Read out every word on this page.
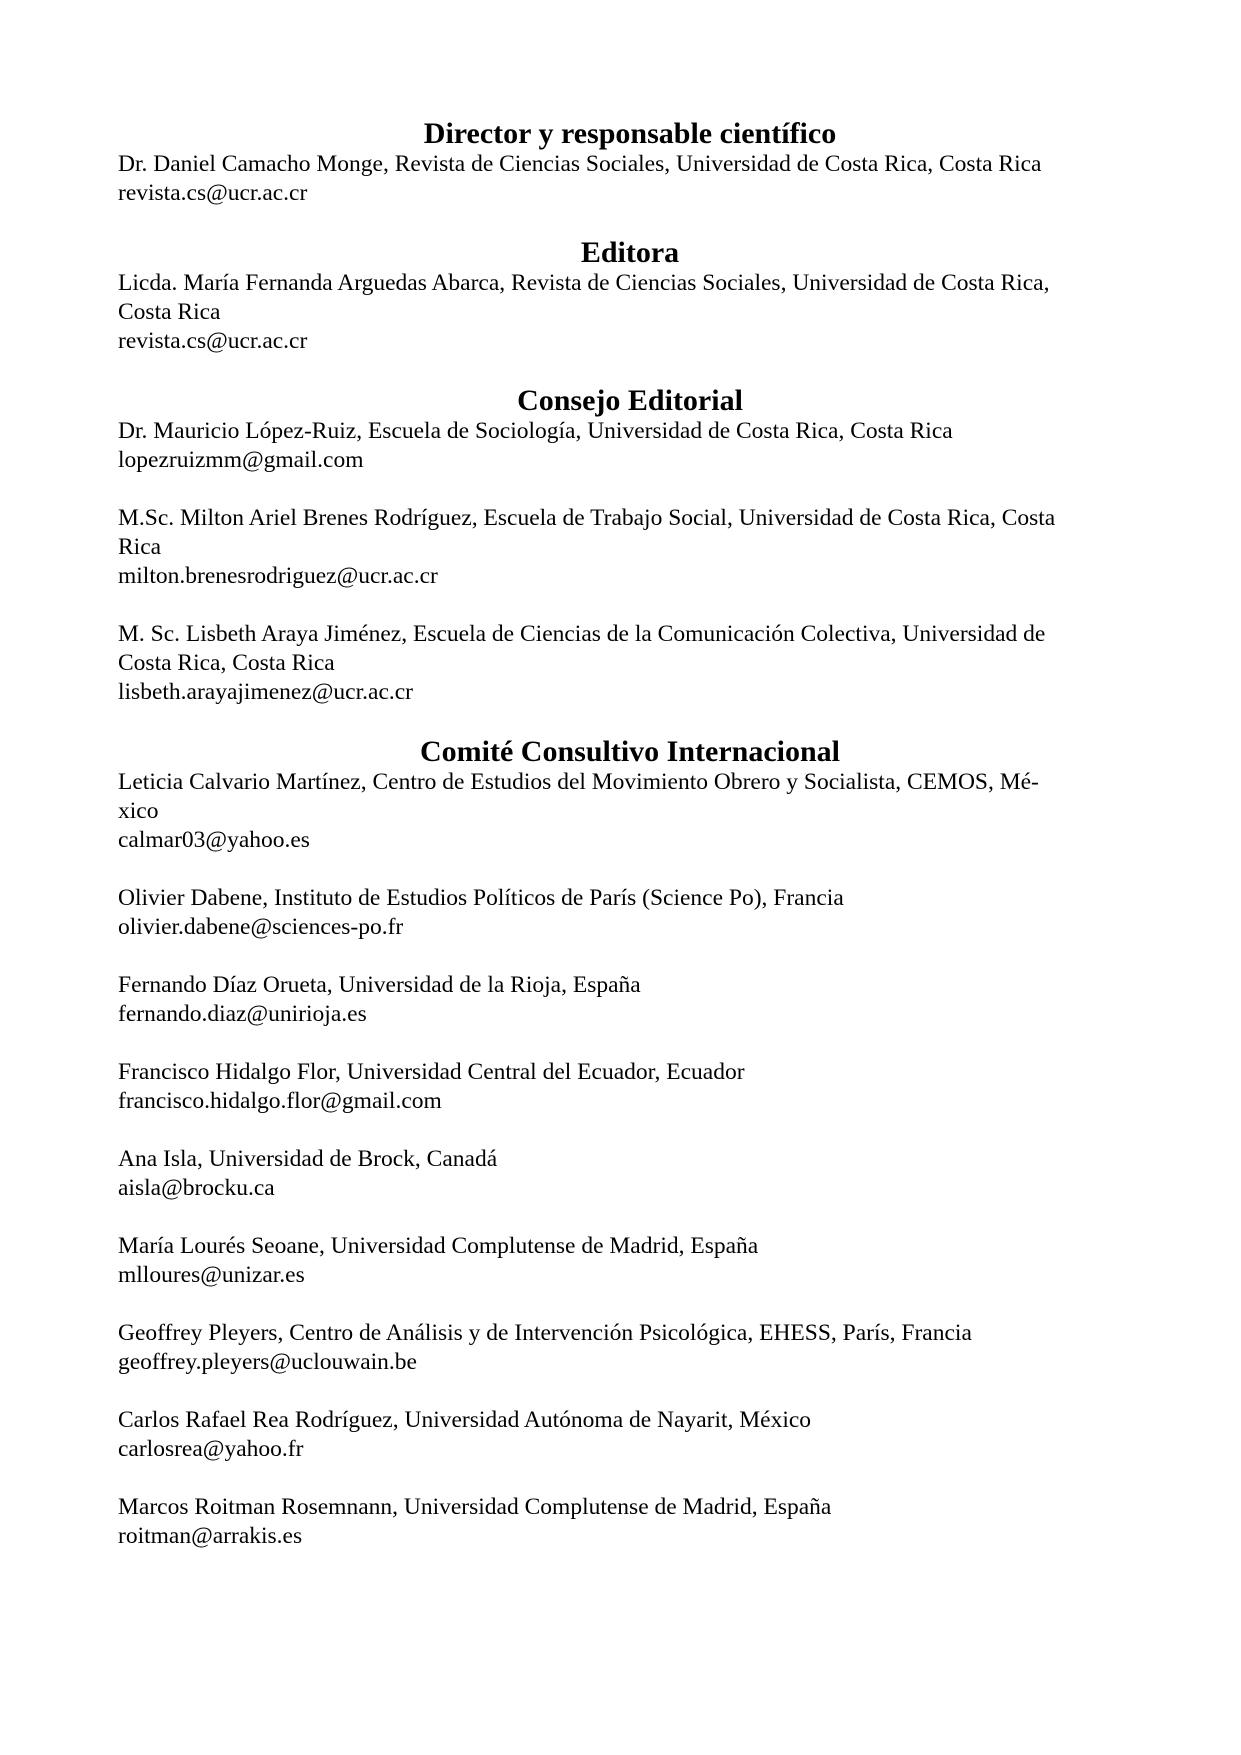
Director y responsable científico

Dr. Daniel Camacho Monge, Revista de Ciencias Sociales, Universidad de Costa Rica, Costa Rica
revista.cs@ucr.ac.cr

Editora

Licda. María Fernanda Arguedas Abarca, Revista de Ciencias Sociales, Universidad de Costa Rica,
Costa Rica
revista.cs@ucr.ac.cr

Consejo Editorial

Dr. Mauricio López-Ruiz, Escuela de Sociología, Universidad de Costa Rica, Costa Rica
lopezruizmm@gmail.com

M.Sc. Milton Ariel Brenes Rodríguez, Escuela de Trabajo Social, Universidad de Costa Rica, Costa
Rica
milton.brenesrodriguez@ucr.ac.cr

M. Sc. Lisbeth Araya Jiménez, Escuela de Ciencias de la Comunicación Colectiva, Universidad de
Costa Rica, Costa Rica
lisbeth.arayajimenez@ucr.ac.cr

Comité Consultivo Internacional

Leticia Calvario Martínez, Centro de Estudios del Movimiento Obrero y Socialista, CEMOS, Mé-
xico
calmar03@yahoo.es

Olivier Dabene, Instituto de Estudios Políticos de París (Science Po), Francia
olivier.dabene@sciences-po.fr

Fernando Díaz Orueta, Universidad de la Rioja, España
fernando.diaz@unirioja.es

Francisco Hidalgo Flor, Universidad Central del Ecuador, Ecuador
francisco.hidalgo.flor@gmail.com

Ana Isla, Universidad de Brock, Canadá
aisla@brocku.ca

María Lourés Seoane, Universidad Complutense de Madrid, España
mlloures@unizar.es

Geoffrey Pleyers, Centro de Análisis y de Intervención Psicológica, EHESS, París, Francia
geoffrey.pleyers@uclouwain.be

Carlos Rafael Rea Rodríguez, Universidad Autónoma de Nayarit, México
carlosrea@yahoo.fr

Marcos Roitman Rosemnann, Universidad Complutense de Madrid, España
roitman@arrakis.es
